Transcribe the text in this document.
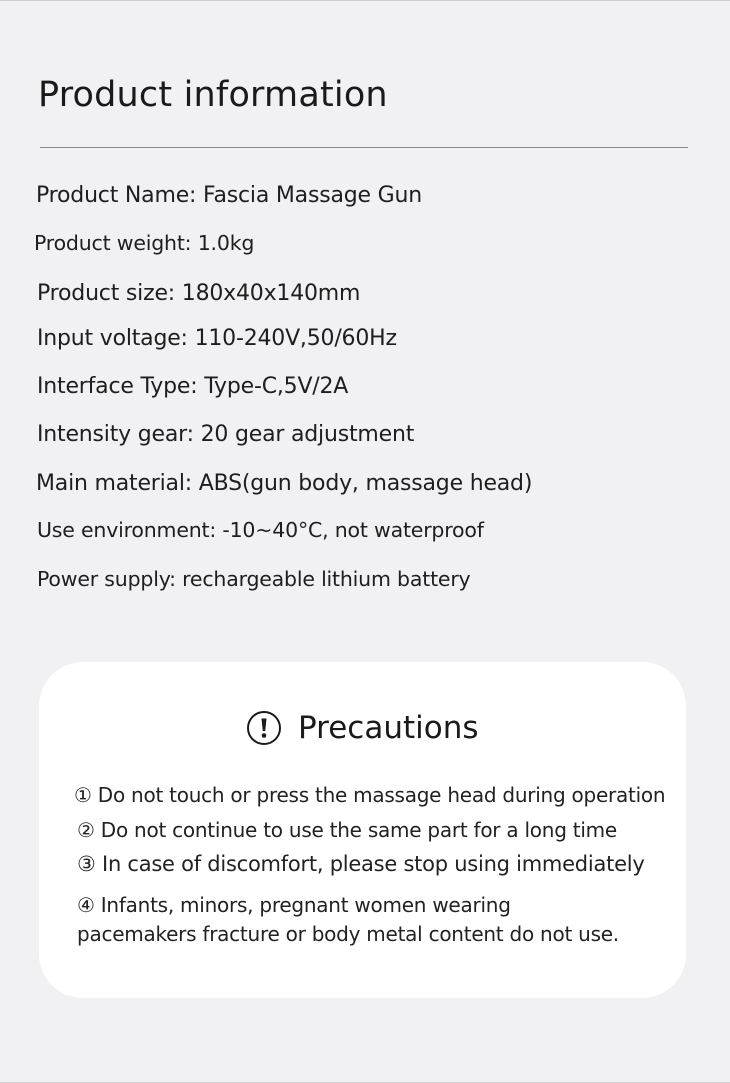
Product information
Product Name: Fascia Massage Gun
Product weight: 1.0kg
Product size: 180x40x140mm
Input voltage: 110-240V,50/60Hz
Interface Type: Type-C,5V/2A
Intensity gear: 20 gear adjustment
Main material: ABS(gun body, massage head)
Use environment: -10~40°C, not waterproof
Power supply: rechargeable lithium battery
Precautions
① Do not touch or press the massage head during operation
② Do not continue to use the same part for a long time
③ In case of discomfort, please stop using immediately
④ Infants, minors, pregnant women wearing
pacemakers fracture or body metal content do not use.
